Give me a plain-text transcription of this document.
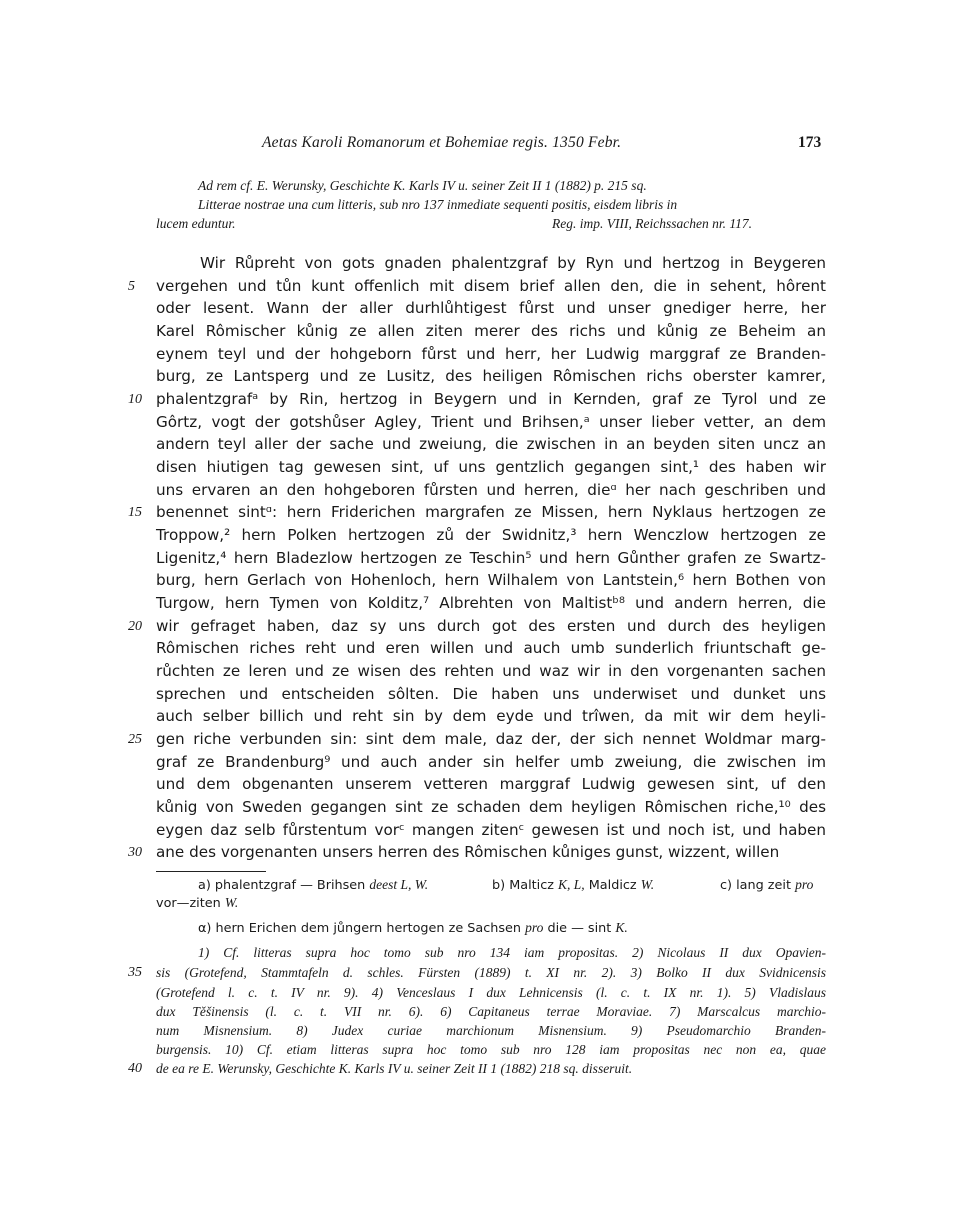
Aetas Karoli Romanorum et Bohemiae regis. 1350 Febr.	173
Ad rem cf. E. Werunsky, Geschichte K. Karls IV u. seiner Zeit II 1 (1882) p. 215 sq.
Litterae nostrae una cum litteris, sub nro 137 inmediate sequenti positis, eisdem libris in
lucem eduntur.	Reg. imp. VIII, Reichssachen nr. 117.
Wir Růpreht von gots gnaden phalentzgraf by Ryn und hertzog in Beygeren
vergehen und tůn kunt offenlich mit disem brief allen den, die in sehent, hôrent
oder lesent. Wann der aller durhlůhtigest fůrst und unser gnediger herre, her
Karel Rômischer kůnig ze allen ziten merer des richs und kůnig ze Beheim an
eynem teyl und der hohgeborn fůrst und herr, her Ludwig marggraf ze Branden-
burg, ze Lantsperg und ze Lusitz, des heiligen Rômischen richs oberster kamrer,
phalentzgrafᵃ by Rin, hertzog in Beygern und in Kernden, graf ze Tyrol und ze
Gôrtz, vogt der gotshůser Agley, Trient und Brihsen,ᵃ unser lieber vetter, an dem
andern teyl aller der sache und zweiung, die zwischen in an beyden siten uncz an
disen hiutigen tag gewesen sint, uf uns gentzlich gegangen sint,¹ des haben wir
uns ervaren an den hohgeboren fůrsten und herren, dieᵅ her nach geschriben und
benennet sintᵅ: hern Friderichen margrafen ze Missen, hern Nyklaus hertzogen ze
Troppow,² hern Polken hertzogen zů der Swidnitz,³ hern Wenczlow hertzogen ze
Ligenitz,⁴ hern Bladezlow hertzogen ze Teschin⁵ und hern Gůnther grafen ze Swartz-
burg, hern Gerlach von Hohenloch, hern Wilhalem von Lantstein,⁶ hern Bothen von
Turgow, hern Tymen von Kolditz,⁷ Albrehten von Maltistᵇ⁸ und andern herren, die
wir gefraget haben, daz sy uns durch got des ersten und durch des heyligen
Rômischen riches reht und eren willen und auch umb sunderlich friuntschaft ge-
růchten ze leren und ze wisen des rehten und waz wir in den vorgenanten sachen
sprechen und entscheiden sôlten. Die haben uns underwiset und dunket uns
auch selber billich und reht sin by dem eyde und trîwen, da mit wir dem heyli-
gen riche verbunden sin: sint dem male, daz der, der sich nennet Woldmar marg-
graf ze Brandenburg⁹ und auch ander sin helfer umb zweiung, die zwischen im
und dem obgenanten unserem vetteren marggraf Ludwig gewesen sint, uf den
kůnig von Sweden gegangen sint ze schaden dem heyligen Rômischen riche,¹⁰ des
eygen daz selb fůrstentum vorᶜ mangen zitenᶜ gewesen ist und noch ist, und haben
ane des vorgenanten unsers herren des Rômischen kůniges gunst, wizzent, willen
5
10
15
20
25
30
a) phalentzgraf — Brihsen deest L, W.	b) Malticz K, L, Maldicz W.	c) lang zeit pro
vor—ziten W.
α) hern Erichen dem jůngern hertogen ze Sachsen pro die — sint K.
1) Cf. litteras supra hoc tomo sub nro 134 iam propositas. 2) Nicolaus II dux Opavien-
sis (Grotefend, Stammtafeln d. schles. Fürsten (1889) t. XI nr. 2). 3) Bolko II dux Svidnicensis
(Grotefend l. c. t. IV nr. 9). 4) Venceslaus I dux Lehnicensis (l. c. t. IX nr. 1). 5) Vladislaus
dux Těšinensis (l. c. t. VII nr. 6). 6) Capitaneus terrae Moraviae. 7) Marscalcus marchio-
num Misnensium. 8) Judex curiae marchionum Misnensium. 9) Pseudomarchio Branden-
burgensis. 10) Cf. etiam litteras supra hoc tomo sub nro 128 iam propositas nec non ea, quae
de ea re E. Werunsky, Geschichte K. Karls IV u. seiner Zeit II 1 (1882) 218 sq. disseruit.
35
40
